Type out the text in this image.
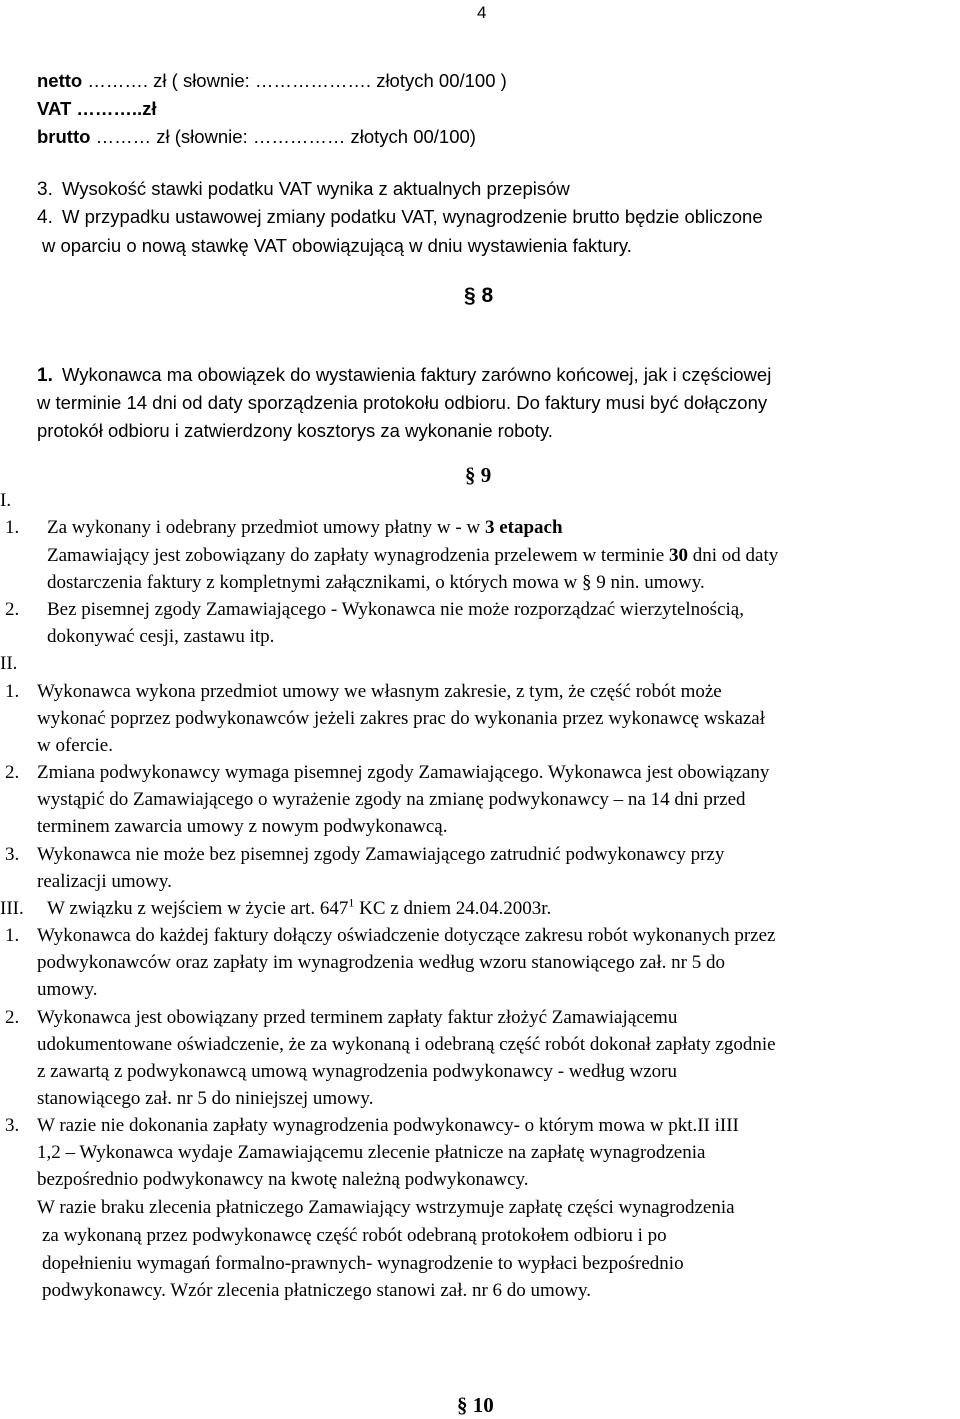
4
netto ………. zł ( słownie: ………………. złotych 00/100 )
VAT ………..zł
brutto ……… zł (słownie: …………… złotych 00/100)
3. Wysokość stawki podatku VAT wynika z aktualnych przepisów
4. W przypadku ustawowej zmiany podatku VAT, wynagrodzenie brutto będzie obliczone
w oparciu o nową stawkę VAT obowiązującą w dniu wystawienia faktury.
§ 8
1. Wykonawca ma obowiązek do wystawienia faktury zarówno końcowej, jak i częściowej
w terminie 14 dni od daty sporządzenia protokołu odbioru. Do faktury musi być dołączony
protokół odbioru i zatwierdzony kosztorys za wykonanie roboty.
§ 9
I.
1. Za wykonany i odebrany przedmiot umowy płatny w - w 3 etapach
Zamawiający jest zobowiązany do zapłaty wynagrodzenia przelewem w terminie 30 dni od daty
dostarczenia faktury z kompletnymi załącznikami, o których mowa w § 9 nin. umowy.
2. Bez pisemnej zgody Zamawiającego - Wykonawca nie może rozporządzać wierzytelnością,
dokonywać cesji, zastawu itp.
II.
1. Wykonawca wykona przedmiot umowy we własnym zakresie, z tym, że część robót może
wykonać poprzez podwykonawców jeżeli zakres prac do wykonania przez wykonawcę wskazał
w ofercie.
2. Zmiana podwykonawcy wymaga pisemnej zgody Zamawiającego. Wykonawca jest obowiązany
wystąpić do Zamawiającego o wyrażenie zgody na zmianę podwykonawcy – na 14 dni przed
terminem zawarcia umowy z nowym podwykonawcą.
3. Wykonawca nie może bez pisemnej zgody Zamawiającego zatrudnić podwykonawcy przy
realizacji umowy.
III. W związku z wejściem w życie art. $647^1$ KC z dniem 24.04.2003r.
1. Wykonawca do każdej faktury dołączy oświadczenie dotyczące zakresu robót wykonanych przez
podwykonawców oraz zapłaty im wynagrodzenia według wzoru stanowiącego zał. nr 5 do
umowy.
2. Wykonawca jest obowiązany przed terminem zapłaty faktur złożyć Zamawiającemu
udokumentowane oświadczenie, że za wykonaną i odebraną część robót dokonał zapłaty zgodnie
z zawartą z podwykonawcą umową wynagrodzenia podwykonawcy - według wzoru
stanowiącego zał. nr 5 do niniejszej umowy.
3. W razie nie dokonania zapłaty wynagrodzenia podwykonawcy- o którym mowa w pkt.II iIII
1,2 – Wykonawca wydaje Zamawiającemu zlecenie płatnicze na zapłatę wynagrodzenia
bezpośrednio podwykonawcy na kwotę należną podwykonawcy.
W razie braku zlecenia płatniczego Zamawiający wstrzymuje zapłatę części wynagrodzenia
za wykonaną przez podwykonawcę część robót odebraną protokołem odbioru i po
dopełnieniu wymagań formalno-prawnych- wynagrodzenie to wypłaci bezpośrednio
podwykonawcy. Wzór zlecenia płatniczego stanowi zał. nr 6 do umowy.
§ 10
